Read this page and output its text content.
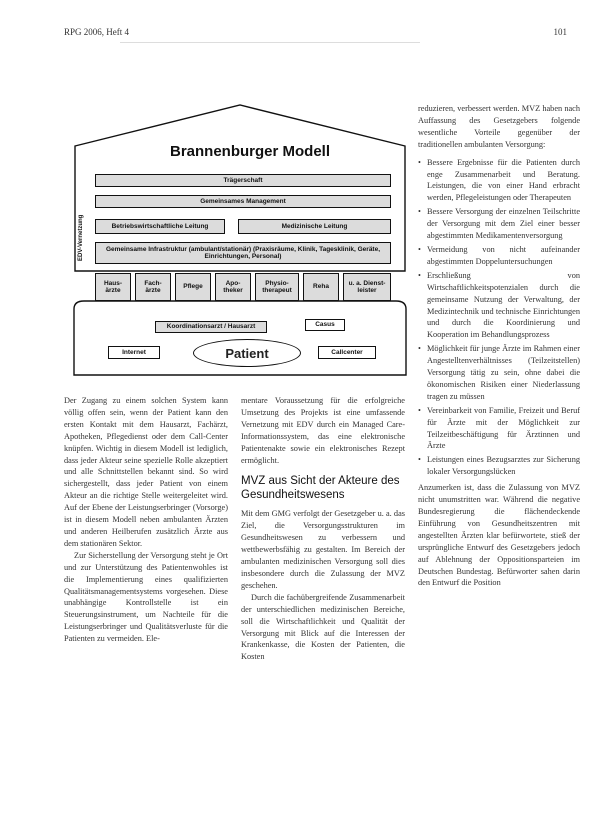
RPG 2006, Heft 4	101
Brannenburger Modell
EDV-Vernetzung
Trägerschaft
Gemeinsames Management
Betriebswirtschaftliche Leitung	Medizinische Leitung
Gemeinsame Infrastruktur (ambulant/stationär) (Praxisräume, Klinik, Tagesklinik, Geräte, Einrichtungen, Personal)
Koordinationsarzt / Hausarzt	Casus
Internet	Patient	Callcenter
Haus-ärzte
Fach-ärzte
Pflege
Apo-theker
Physio-therapeut
Reha
u. a. Dienst-leister

Der Zugang zu einem solchen System kann völlig offen sein, wenn der Patient kann den ersten Kontakt mit dem Hausarzt, Fachärzt, Apotheken, Pflegedienst oder dem Call-Center knüpfen. Wichtig in diesem Modell ist lediglich, dass jeder Akteur seine spezielle Rolle akzeptiert und alle Schnittstellen bekannt sind. So wird sichergestellt, dass jeder Patient von einem Akteur an die richtige Stelle weitergeleitet wird. Auf der Ebene der Leistungserbringer (Vorsorge) ist in diesem Modell neben ambulanten Ärzten und anderen Heilberufen zusätzlich Ärzte aus dem stationären Sektor.

Zur Sicherstellung der Versorgung steht je Ort und zur Unterstützung des Patientenwohles ist die Implementierung eines qualifizierten Qualitätsmanagementsystems vorgesehen. Diese unabhängige Kontrollstelle ist ein Steuerungsinstrument, um Nachteile für die Leistungserbringer und Qualitätsverluste für die Patienten zu vermeiden. Ele-

mentare Voraussetzung für die erfolgreiche Umsetzung des Projekts ist eine umfassende Vernetzung mit EDV durch ein Managed Care-Informationssystem, das eine elektronische Patientenakte sowie ein elektronisches Rezept ermöglicht.

MVZ aus Sicht der Akteure des Gesundheitswesens

Mit dem GMG verfolgt der Gesetzgeber u. a. das Ziel, die Versorgungsstrukturen im Gesundheitswesen zu verbessern und wettbewerbsfähig zu gestalten. Im Bereich der ambulanten medizinischen Versorgung soll dies insbesondere durch die Zulassung der MVZ geschehen.

Durch die fachübergreifende Zusammenarbeit der unterschiedlichen medizinischen Bereiche, soll die Wirtschaftlichkeit und Qualität der Versorgung mit Blick auf die Interessen der Krankenkasse, die Kosten der Patienten, die Kosten

reduzieren, verbessert werden. MVZ haben nach Auffassung des Gesetzgebers folgende wesentliche Vorteile gegenüber der traditionellen ambulanten Versorgung:

• Bessere Ergebnisse für die Patienten durch enge Zusammenarbeit und Beratung. Leistungen, die von einer Hand erbracht werden, Pflegeleistungen oder Therapeuten
• Bessere Versorgung der einzelnen Teilschritte der Versorgung mit dem Ziel einer besser abgestimmten Medikamentenversorgung
• Vermeidung von nicht aufeinander abgestimmten Doppeluntersuchungen
• Erschließung von Wirtschaftlichkeitspotenzialen durch die gemeinsame Nutzung der Verwaltung, der Medizintechnik und technische Einrichtungen und durch die Koordinierung und Kooperation im Behandlungsprozess
• Möglichkeit für junge Ärzte im Rahmen einer Angestelltenverhältnisses (Teilzeitstellen) Versorgung tätig zu sein, ohne dabei die ökonomischen Risiken einer Niederlassung tragen zu müssen
• Vereinbarkeit von Familie, Freizeit und Beruf für Ärzte mit der Möglichkeit zur Teilzeitbeschäftigung für Ärztinnen und Ärzte
• Leistungen eines Bezugsarztes zur Sicherung lokaler Versorgungslücken

Anzumerken ist, dass die Zulassung von MVZ nicht unumstritten war. Während die negative Bundesregierung die flächendeckende Einführung von Gesundheitszentren mit angestellten Ärzten klar befürwortete, stieß der ursprüngliche Entwurf des Gesetzgebers jedoch auf Ablehnung der Oppositionsparteien im Deutschen Bundestag. Befürworter sahen darin den Entwurf die Position
